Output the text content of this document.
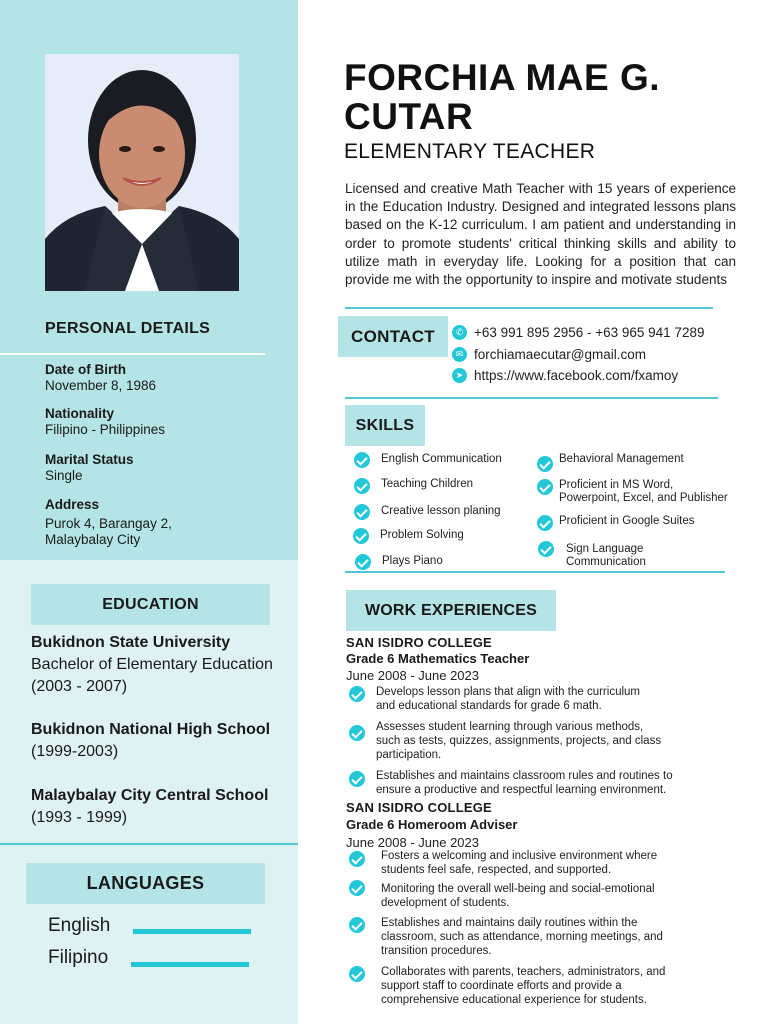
PERSONAL DETAILS
Date of Birth
November 8, 1986
Nationality
Filipino - Philippines
Marital Status
Single
Address
Purok 4, Barangay 2,
Malaybalay City
EDUCATION
Bukidnon State University
Bachelor of Elementary Education
(2003 - 2007)
Bukidnon National High School
(1999-2003)
Malaybalay City Central School
(1993 - 1999)
LANGUAGES
English
Filipino
FORCHIA MAE G.
CUTAR
ELEMENTARY TEACHER
Licensed and creative Math Teacher with 15 years of experience in the Education Industry. Designed and integrated lessons plans based on the K-12 curriculum. I am patient and understanding in order to promote students' critical thinking skills and ability to utilize math in everyday life. Looking for a position that can provide me with the opportunity to inspire and motivate students
CONTACT	✆ +63 991 895 2956 - +63 965 941 7289
✉ forchiamaecutar@gmail.com
➤ https://www.facebook.com/fxamoy
SKILLS
English Communication
Teaching Children
Creative lesson planing
Problem Solving
Plays Piano
Behavioral Management
Proficient in MS Word,
Powerpoint, Excel, and Publisher
Proficient in Google Suites
Sign Language
Communication
WORK EXPERIENCES
SAN ISIDRO COLLEGE
Grade 6 Mathematics Teacher
June 2008 - June 2023
Develops lesson plans that align with the curriculum
and educational standards for grade 6 math.
Assesses student learning through various methods,
such as tests, quizzes, assignments, projects, and class
participation.
Establishes and maintains classroom rules and routines to
ensure a productive and respectful learning environment.
SAN ISIDRO COLLEGE
Grade 6 Homeroom Adviser
June 2008 - June 2023
Fosters a welcoming and inclusive environment where
students feel safe, respected, and supported.
Monitoring the overall well-being and social-emotional
development of students.
Establishes and maintains daily routines within the
classroom, such as attendance, morning meetings, and
transition procedures.
Collaborates with parents, teachers, administrators, and
support staff to coordinate efforts and provide a
comprehensive educational experience for students.
